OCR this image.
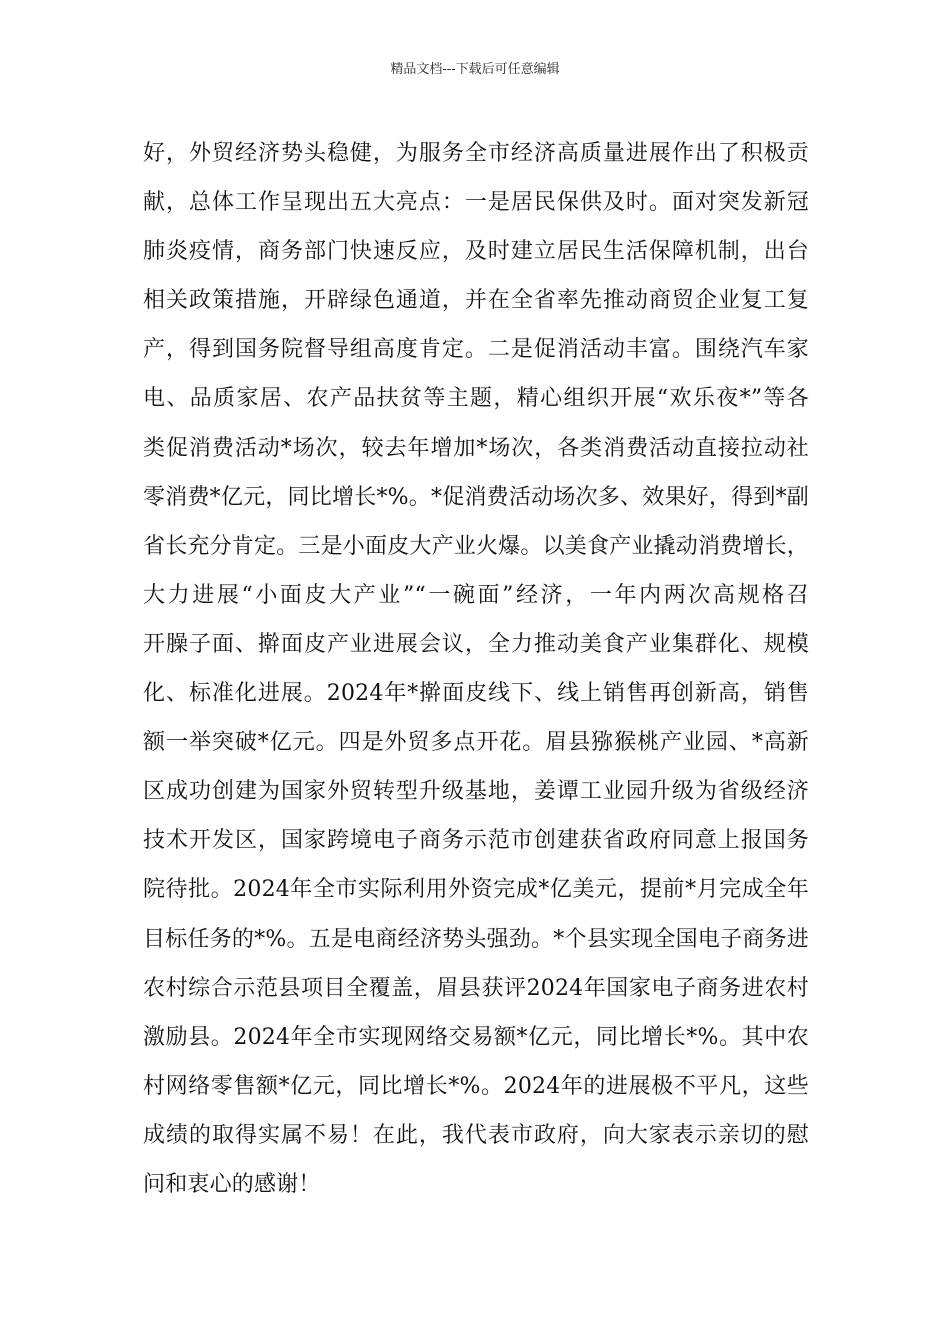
精品文档---下载后可任意编辑
好，外贸经济势头稳健，为服务全市经济高质量进展作出了积极贡
献，总体工作呈现出五大亮点：一是居民保供及时。面对突发新冠
肺炎疫情，商务部门快速反应，及时建立居民生活保障机制，出台
相关政策措施，开辟绿色通道，并在全省率先推动商贸企业复工复
产，得到国务院督导组高度肯定。二是促消活动丰富。围绕汽车家
电、品质家居、农产品扶贫等主题，精心组织开展“欢乐夜*”等各
类促消费活动*场次，较去年增加*场次，各类消费活动直接拉动社
零消费*亿元，同比增长*%。*促消费活动场次多、效果好，得到*副
省长充分肯定。三是小面皮大产业火爆。以美食产业撬动消费增长，
大力进展“小面皮大产业”“一碗面”经济，一年内两次高规格召
开臊子面、擀面皮产业进展会议，全力推动美食产业集群化、规模
化、标准化进展。2024年*擀面皮线下、线上销售再创新高，销售
额一举突破*亿元。四是外贸多点开花。眉县猕猴桃产业园、*高新
区成功创建为国家外贸转型升级基地，姜谭工业园升级为省级经济
技术开发区，国家跨境电子商务示范市创建获省政府同意上报国务
院待批。2024年全市实际利用外资完成*亿美元，提前*月完成全年
目标任务的*%。五是电商经济势头强劲。*个县实现全国电子商务进
农村综合示范县项目全覆盖，眉县获评2024年国家电子商务进农村
激励县。2024年全市实现网络交易额*亿元，同比增长*%。其中农
村网络零售额*亿元，同比增长*%。2024年的进展极不平凡，这些
成绩的取得实属不易！在此，我代表市政府，向大家表示亲切的慰
问和衷心的感谢！
